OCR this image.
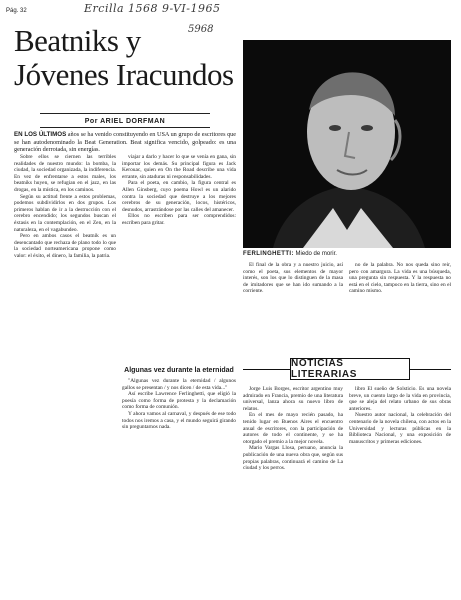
Pág. 32	Ercilla 1568 9-VI-1965
5968
Beatniks y Jóvenes Iracundos
Por ARIEL DORFMAN
EN LOS ÚLTIMOS años se ha venido constituyendo en USA un grupo de escritores que se han autodenominado la Beat Generation. Beat significa vencido, golpeado: es una generación derrotada, sin energías.

Sobre ellos se ciernen las terribles realidades de nuestro mundo: la bomba, la ciudad, la sociedad organizada, la indiferencia. En vez de enfrentarse a estos males, los beatniks huyen, se refugian en el jazz, en las drogas, en la mística, en los caminos.

Según su actitud frente a estos problemas, podemos subdividirlos en dos grupos. Los primeros hablan de ir a la destrucción con el cerebro encendido; los segundos buscan el éxtasis en la contemplación, en el Zen, en la naturaleza, en el vagabundeo.

Pero en ambos casos el beatnik es un desencantado que rechaza de plano todo lo que la sociedad norteamericana propone como valor: el éxito, el dinero, la familia, la patria.

viajar a darlo y hacer lo que se venía en gana, sin importar los demás. Su principal figura es Jack Kerouac, quien en On the Road describe una vida errante, sin ataduras ni responsabilidades.

Para el poeta, en cambio, la figura central es Allen Ginsberg, cuyo poema Howl es un alarido contra la sociedad que destruye a los mejores cerebros de su generación, locos, histéricos, desnudos, arrastrándose por las calles del amanecer.

Ellos no escriben para ser comprendidos: escriben para gritar.

Algunas vez durante la eternidad

"Algunas vez durante la eternidad / algunos gallos se presentan / y nos dicen / de esta vida..."

Así escribe Lawrence Ferlinghetti, que eligió la poesía como forma de protesta y la declamación como forma de comunión.

Y ahora vamos al carnaval, y después de ese todo todos nos iremos a casa, y el mundo seguirá girando sin preguntarnos nada.

FERLINGHETTI: Miedo de morir.

El final de la obra y a nuestro juicio, así como el poeta, sus elementos de mayor interés, son los que lo distinguen de la masa de imitadores que se han ido sumando a la corriente.

no de la palabra. No nos queda sino reir, pero con amargura. La vida es una búsqueda, una pregunta sin respuesta. Y la respuesta no está en el cielo, tampoco en la tierra, sino en el camino mismo.

NOTICIAS LITERARIAS

Jorge Luis Borges, escritor argentino muy admirado en Francia, premio de una literatura universal, lanza ahora su nuevo libro de relatos.

En el mes de mayo recién pasado, ha tenido lugar en Buenos Aires el encuentro anual de escritores, con la participación de autores de todo el continente, y se ha otorgado el premio a la mejor novela.

Mario Vargas Llosa, peruano, anuncia la publicación de una nueva obra que, según sus propias palabras, continuará el camino de La ciudad y los perros.

libro El sueño de Solsticio. Es una novela breve, un cuento largo de la vida en provincia, que se aleja del relato urbano de sus obras anteriores.

Nuestro autor nacional, la celebración del centenario de la novela chilena, con actos en la Universidad y lecturas públicas en la Biblioteca Nacional, y una exposición de manuscritos y primeras ediciones.
